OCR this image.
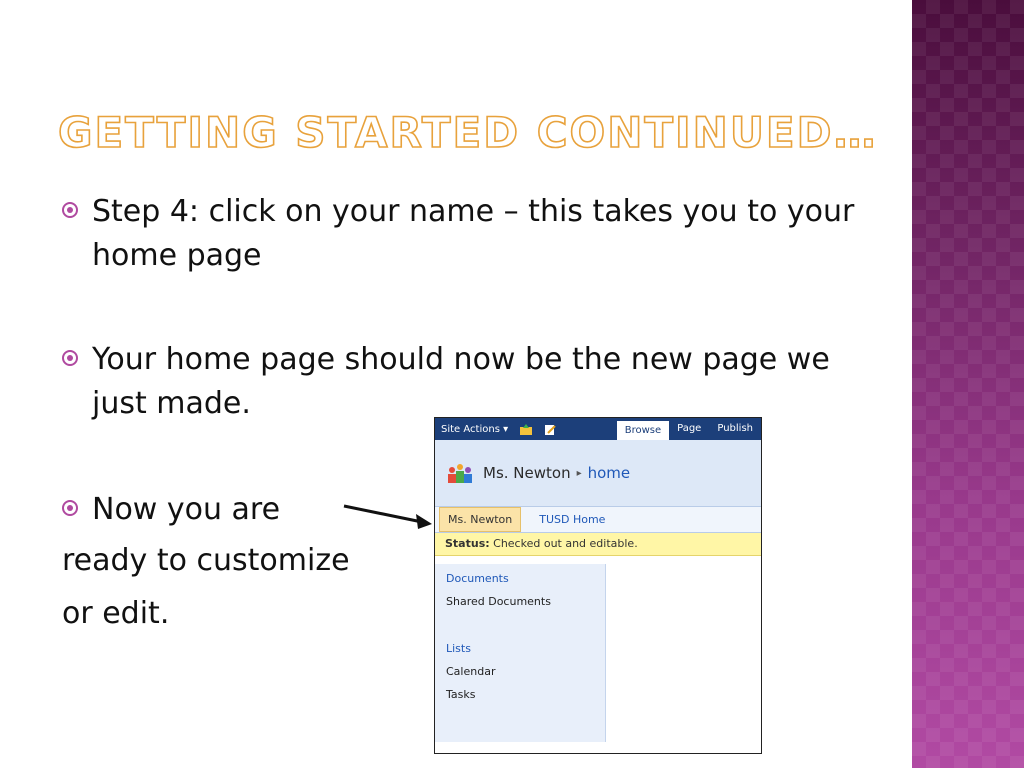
GETTING STARTED CONTINUED…
Step 4: click on your name – this takes you to your home page
Your home page should now be the new page we just made.
Now you are
ready to customize
or edit.
Site Actions ▾	Browse	Page	Publish
Ms. Newton ▸ home
Ms. Newton	TUSD Home
Status: Checked out and editable.
Documents
Shared Documents
Lists
Calendar
Tasks
